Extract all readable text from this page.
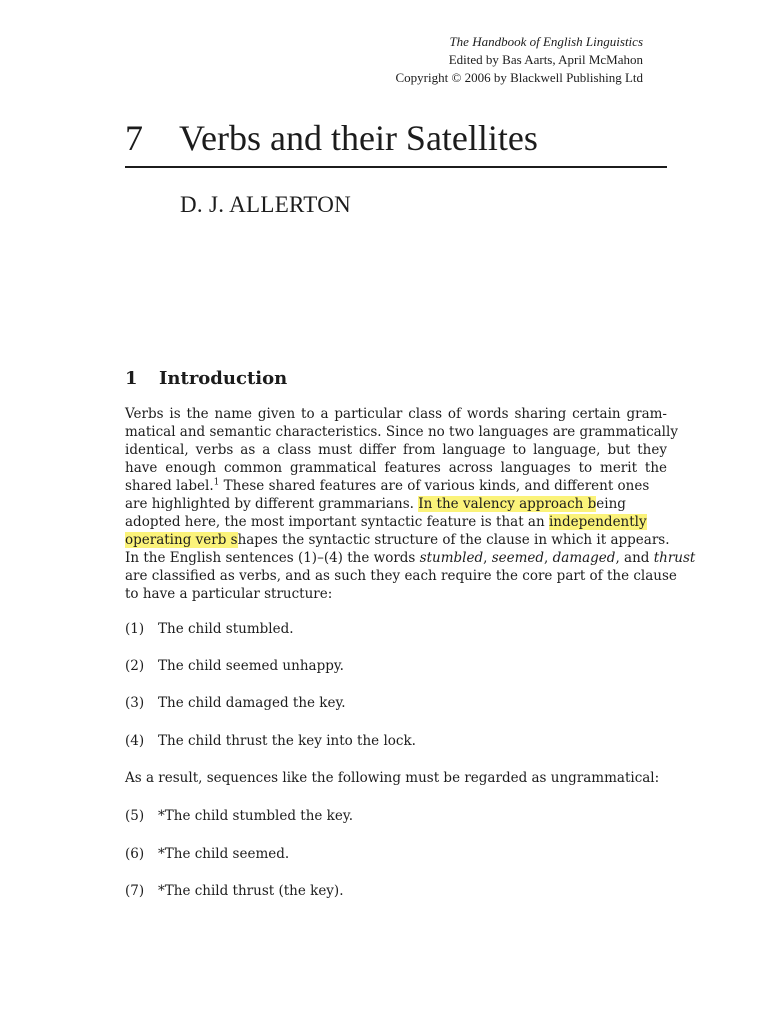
The Handbook of English Linguistics
Edited by Bas Aarts, April McMahon
Copyright © 2006 by Blackwell Publishing Ltd
7 Verbs and their Satellites
D. J. ALLERTON
1 Introduction
Verbs is the name given to a particular class of words sharing certain gram-
matical and semantic characteristics. Since no two languages are grammatically
identical, verbs as a class must differ from language to language, but they
have enough common grammatical features across languages to merit the
shared label.$^1$ These shared features are of various kinds, and different ones
are highlighted by different grammarians. In the valency approach being
adopted here, the most important syntactic feature is that an independently
operating verb shapes the syntactic structure of the clause in which it appears.
In the English sentences (1)–(4) the words stumbled, seemed, damaged, and thrust
are classified as verbs, and as such they each require the core part of the clause
to have a particular structure:
(1) The child stumbled.
(2) The child seemed unhappy.
(3) The child damaged the key.
(4) The child thrust the key into the lock.
As a result, sequences like the following must be regarded as ungrammatical:
(5) *The child stumbled the key.
(6) *The child seemed.
(7) *The child thrust (the key).
